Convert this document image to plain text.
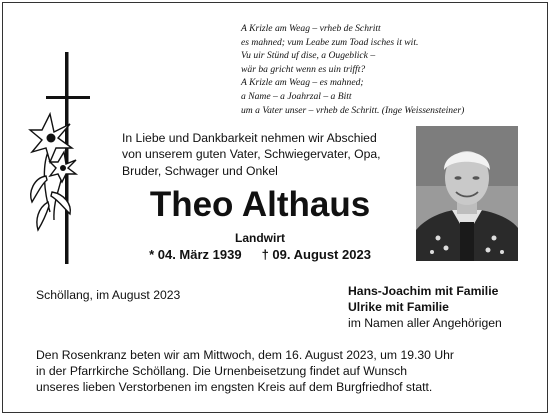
A Krizle am Weag – vrheb de Schritt
es mahned; vum Leabe zum Toad isches it wit.
Vu uir Stünd uf dise, a Ougeblick –
wär ba gricht wenn es uin trifft?
A Krizle am Weag – es mahned;
a Name – a Joahrzal – a Bitt
um a Vater unser – vrheb de Schritt. (Inge Weissensteiner)
In Liebe und Dankbarkeit nehmen wir Abschied
von unserem guten Vater, Schwiegervater, Opa,
Bruder, Schwager und Onkel
Theo Althaus
Landwirt
* 04. März 1939 † 09. August 2023
Schöllang, im August 2023	Hans-Joachim mit Familie
Ulrike mit Familie
im Namen aller Angehörigen
Den Rosenkranz beten wir am Mittwoch, dem 16. August 2023, um 19.30 Uhr
in der Pfarrkirche Schöllang. Die Urnenbeisetzung findet auf Wunsch
unseres lieben Verstorbenen im engsten Kreis auf dem Burgfriedhof statt.
